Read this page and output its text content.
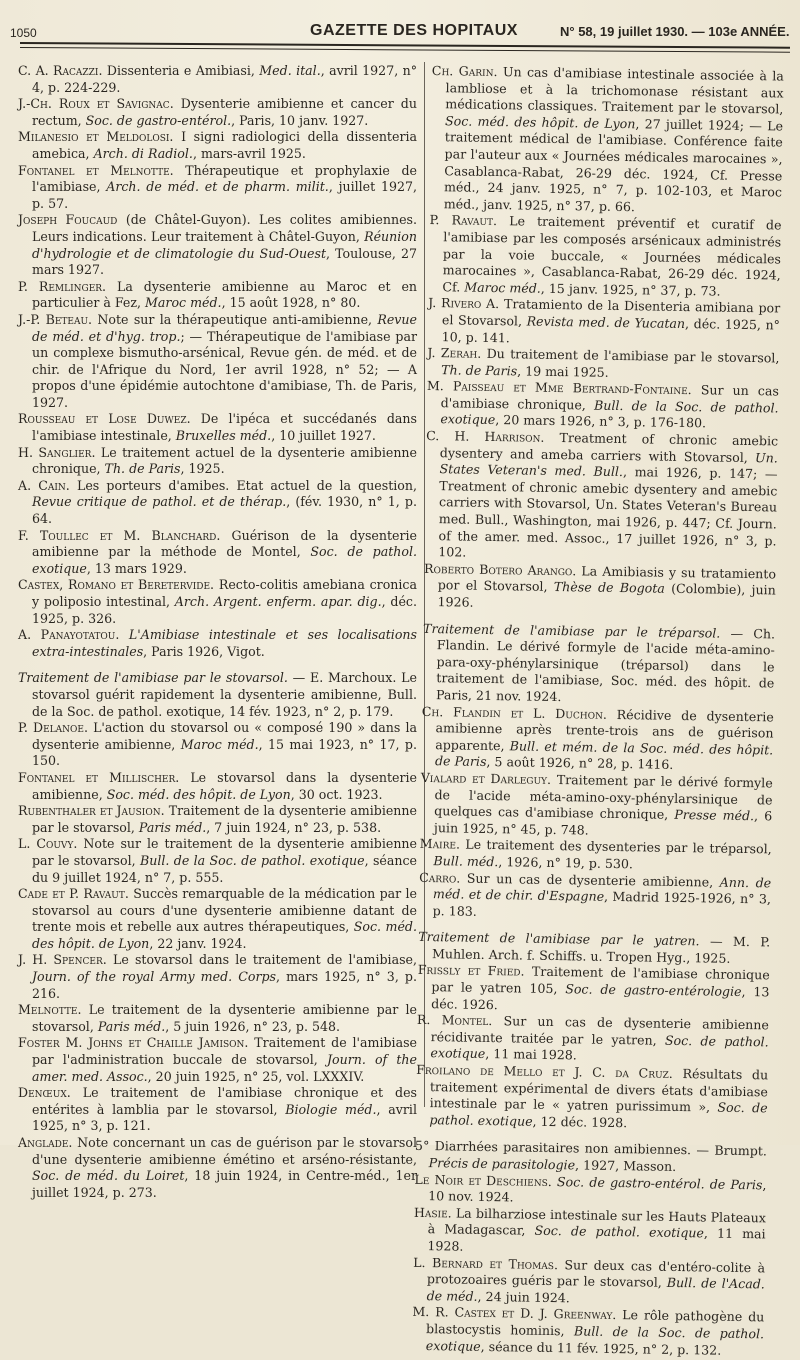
1050	GAZETTE DES HOPITAUX	N° 58, 19 juillet 1930. — 103e ANNÉE.

C. A. Racazzi. Dissenteria e Amibiasi, Med. ital., avril 1927, n° 4, p. 224-229.

J.-Ch. Roux et Savignac. Dysenterie amibienne et cancer du rectum, Soc. de gastro-entérol., Paris, 10 janv. 1927.

Milanesio et Meldolosi. I signi radiologici della dissenteria amebica, Arch. di Radiol., mars-avril 1925.

Fontanel et Melnotte. Thérapeutique et prophylaxie de l'amibiase, Arch. de méd. et de pharm. milit., juillet 1927, p. 57.

Joseph Foucaud (de Châtel-Guyon). Les colites amibiennes. Leurs indications. Leur traitement à Châtel-Guyon, Réunion d'hydrologie et de climatologie du Sud-Ouest, Toulouse, 27 mars 1927.

P. Remlinger. La dysenterie amibienne au Maroc et en particulier à Fez, Maroc méd., 15 août 1928, n° 80.

J.-P. Beteau. Note sur la thérapeutique anti-amibienne, Revue de méd. et d'hyg. trop.; — Thérapeutique de l'amibiase par un complexe bismutho-arsénical, Revue gén. de méd. et de chir. de l'Afrique du Nord, 1er avril 1928, n° 52; — A propos d'une épidémie autochtone d'amibiase, Th. de Paris, 1927.

Rousseau et Lose Duwez. De l'ipéca et succédanés dans l'amibiase intestinale, Bruxelles méd., 10 juillet 1927.

H. Sanglier. Le traitement actuel de la dysenterie amibienne chronique, Th. de Paris, 1925.

A. Cain. Les porteurs d'amibes. Etat actuel de la question, Revue critique de pathol. et de thérap., (fév. 1930, n° 1, p. 64.

F. Toullec et M. Blanchard. Guérison de la dysenterie amibienne par la méthode de Montel, Soc. de pathol. exotique, 13 mars 1929.

Castex, Romano et Beretervide. Recto-colitis amebiana cronica y poliposio intestinal, Arch. Argent. enferm. apar. dig., déc. 1925, p. 326.

A. Panayotatou. L'Amibiase intestinale et ses localisations extra-intestinales, Paris 1926, Vigot.

Traitement de l'amibiase par le stovarsol. — E. Marchoux. Le stovarsol guérit rapidement la dysenterie amibienne, Bull. de la Soc. de pathol. exotique, 14 fév. 1923, n° 2, p. 179.

P. Delanoe. L'action du stovarsol ou « composé 190 » dans la dysenterie amibienne, Maroc méd., 15 mai 1923, n° 17, p. 150.

Fontanel et Millischer. Le stovarsol dans la dysenterie amibienne, Soc. méd. des hôpit. de Lyon, 30 oct. 1923.

Rubenthaler et Jausion. Traitement de la dysenterie amibienne par le stovarsol, Paris méd., 7 juin 1924, n° 23, p. 538.

L. Couvy. Note sur le traitement de la dysenterie amibienne par le stovarsol, Bull. de la Soc. de pathol. exotique, séance du 9 juillet 1924, n° 7, p. 555.

Cade et P. Ravaut. Succès remarquable de la médication par le stovarsol au cours d'une dysenterie amibienne datant de trente mois et rebelle aux autres thérapeutiques, Soc. méd. des hôpit. de Lyon, 22 janv. 1924.

J. H. Spencer. Le stovarsol dans le traitement de l'amibiase, Journ. of the royal Army med. Corps, mars 1925, n° 3, p. 216.

Melnotte. Le traitement de la dysenterie amibienne par le stovarsol, Paris méd., 5 juin 1926, n° 23, p. 548.

Foster M. Johns et Chaille Jamison. Traitement de l'amibiase par l'administration buccale de stovarsol, Journ. of the amer. med. Assoc., 20 juin 1925, n° 25, vol. LXXXIV.

Denœux. Le traitement de l'amibiase chronique et des entérites à lamblia par le stovarsol, Biologie méd., avril 1925, n° 3, p. 121.

Anglade. Note concernant un cas de guérison par le stovarsol d'une dysenterie amibienne émétino et arséno-résistante, Soc. de méd. du Loiret, 18 juin 1924, in Centre-méd., 1er juillet 1924, p. 273.

Ch. Garin. Un cas d'amibiase intestinale associée à la lambliose et à la trichomonase résistant aux médications classiques. Traitement par le stovarsol, Soc. méd. des hôpit. de Lyon, 27 juillet 1924; — Le traitement médical de l'amibiase. Conférence faite par l'auteur aux « Journées médicales marocaines », Casablanca-Rabat, 26-29 déc. 1924, Cf. Presse méd., 24 janv. 1925, n° 7, p. 102-103, et Maroc méd., janv. 1925, n° 37, p. 66.

P. Ravaut. Le traitement préventif et curatif de l'amibiase par les composés arsénicaux administrés par la voie buccale, « Journées médicales marocaines », Casablanca-Rabat, 26-29 déc. 1924, Cf. Maroc méd., 15 janv. 1925, n° 37, p. 73.

J. Rivero A. Tratamiento de la Disenteria amibiana por el Stovarsol, Revista med. de Yucatan, déc. 1925, n° 10, p. 141.

J. Zerah. Du traitement de l'amibiase par le stovarsol, Th. de Paris, 19 mai 1925.

M. Paisseau et Mme Bertrand-Fontaine. Sur un cas d'amibiase chronique, Bull. de la Soc. de pathol. exotique, 20 mars 1926, n° 3, p. 176-180.

C. H. Harrison. Treatment of chronic amebic dysentery and ameba carriers with Stovarsol, Un. States Veteran's med. Bull., mai 1926, p. 147; — Treatment of chronic amebic dysentery and amebic carriers with Stovarsol, Un. States Veteran's Bureau med. Bull., Washington, mai 1926, p. 447; Cf. Journ. of the amer. med. Assoc., 17 juillet 1926, n° 3, p. 102.

Roberto Botero Arango. La Amibiasis y su tratamiento por el Stovarsol, Thèse de Bogota (Colombie), juin 1926.

Traitement de l'amibiase par le tréparsol. — Ch. Flandin. Le dérivé formyle de l'acide méta-amino-para-oxy-phénylarsinique (tréparsol) dans le traitement de l'amibiase, Soc. méd. des hôpit. de Paris, 21 nov. 1924.

Ch. Flandin et L. Duchon. Récidive de dysenterie amibienne après trente-trois ans de guérison apparente, Bull. et mém. de la Soc. méd. des hôpit. de Paris, 5 août 1926, n° 28, p. 1416.

Vialard et Darleguy. Traitement par le dérivé formyle de l'acide méta-amino-oxy-phénylarsinique de quelques cas d'amibiase chronique, Presse méd., 6 juin 1925, n° 45, p. 748.

Maire. Le traitement des dysenteries par le tréparsol, Bull. méd., 1926, n° 19, p. 530.

Carro. Sur un cas de dysenterie amibienne, Ann. de méd. et de chir. d'Espagne, Madrid 1925-1926, n° 3, p. 183.

Traitement de l'amibiase par le yatren. — M. P. Muhlen. Arch. f. Schiffs. u. Tropen Hyg., 1925.

Frissly et Fried. Traitement de l'amibiase chronique par le yatren 105, Soc. de gastro-entérologie, 13 déc. 1926.

R. Montel. Sur un cas de dysenterie amibienne récidivante traitée par le yatren, Soc. de pathol. exotique, 11 mai 1928.

Froilano de Mello et J. C. da Cruz. Résultats du traitement expérimental de divers états d'amibiase intestinale par le « yatren purissimum », Soc. de pathol. exotique, 12 déc. 1928.

5° Diarrhées parasitaires non amibiennes. — Brumpt. Précis de parasitologie, 1927, Masson.

Le Noir et Deschiens. Soc. de gastro-entérol. de Paris, 10 nov. 1924.

Hasie. La bilharziose intestinale sur les Hauts Plateaux à Madagascar, Soc. de pathol. exotique, 11 mai 1928.

L. Bernard et Thomas. Sur deux cas d'entéro-colite à protozoaires guéris par le stovarsol, Bull. de l'Acad. de méd., 24 juin 1924.

M. R. Castex et D. J. Greenway. Le rôle pathogène du blastocystis hominis, Bull. de la Soc. de pathol. exotique, séance du 11 fév. 1925, n° 2, p. 132.
